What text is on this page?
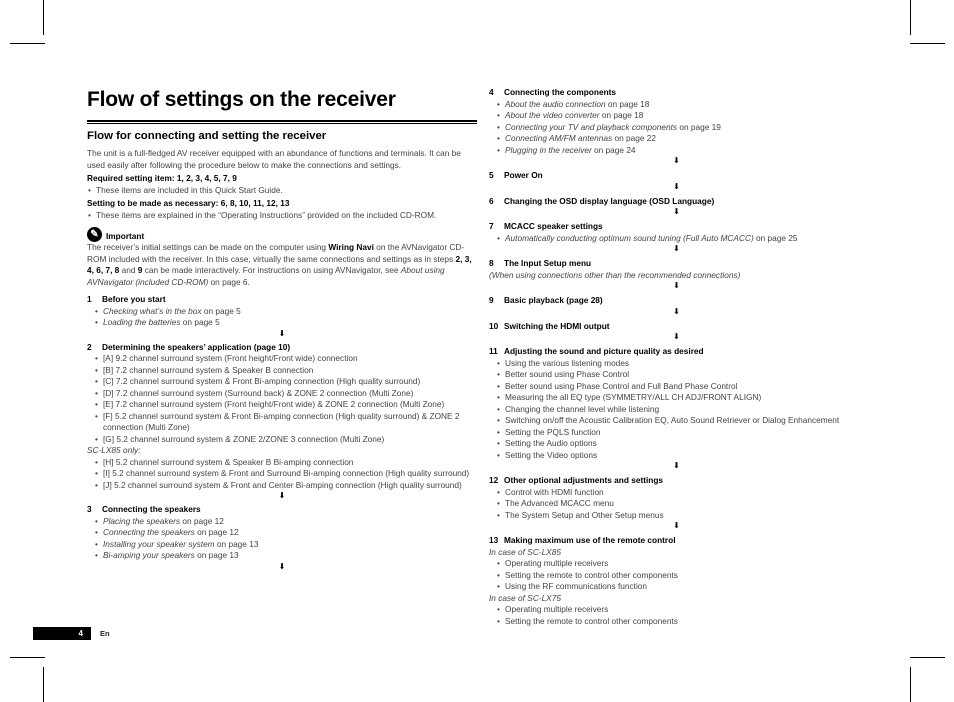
Flow of settings on the receiver
Flow for connecting and setting the receiver

The unit is a full-fledged AV receiver equipped with an abundance of functions and terminals. It can be used easily after following the procedure below to make the connections and settings.

Required setting item: 1, 2, 3, 4, 5, 7, 9

• These items are included in this Quick Start Guide.

Setting to be made as necessary: 6, 8, 10, 11, 12, 13

• These items are explained in the “Operating Instructions” provided on the included CD-ROM.
✎ Important

The receiver’s initial settings can be made on the computer using Wiring Navi on the AVNavigator CD-ROM included with the receiver. In this case, virtually the same connections and settings as in steps 2, 3, 4, 6, 7, 8 and 9 can be made interactively. For instructions on using AVNavigator, see About using AVNavigator (included CD-ROM) on page 6.

1 Before you start
• Checking what’s in the box on page 5
• Loading the batteries on page 5
⬇
2 Determining the speakers’ application (page 10)
• [A] 9.2 channel surround system (Front height/Front wide) connection
• [B] 7.2 channel surround system & Speaker B connection
• [C] 7.2 channel surround system & Front Bi-amping connection (High quality surround)
• [D] 7.2 channel surround system (Surround back) & ZONE 2 connection (Multi Zone)
• [E] 7.2 channel surround system (Front height/Front wide) & ZONE 2 connection (Multi Zone)
• [F] 5.2 channel surround system & Front Bi-amping connection (High quality surround) & ZONE 2 connection (Multi Zone)
• [G] 5.2 channel surround system & ZONE 2/ZONE 3 connection (Multi Zone)

SC-LX85 only:

• [H] 5.2 channel surround system & Speaker B Bi-amping connection
• [I] 5.2 channel surround system & Front and Surround Bi-amping connection (High quality surround)
• [J] 5.2 channel surround system & Front and Center Bi-amping connection (High quality surround)
⬇
3 Connecting the speakers
• Placing the speakers on page 12
• Connecting the speakers on page 12
• Installing your speaker system on page 13
• Bi-amping your speakers on page 13
⬇
4 Connecting the components
• About the audio connection on page 18
• About the video converter on page 18
• Connecting your TV and playback components on page 19
• Connecting AM/FM antennas on page 22
• Plugging in the receiver on page 24
⬇
5 Power On
⬇
6 Changing the OSD display language (OSD Language)
⬇
7 MCACC speaker settings
• Automatically conducting optimum sound tuning (Full Auto MCACC) on page 25
⬇
8 The Input Setup menu

(When using connections other than the recommended connections)

⬇
9 Basic playback (page 28)
⬇
10 Switching the HDMI output
⬇
11 Adjusting the sound and picture quality as desired
• Using the various listening modes
• Better sound using Phase Control
• Better sound using Phase Control and Full Band Phase Control
• Measuring the all EQ type (SYMMETRY/ALL CH ADJ/FRONT ALIGN)
• Changing the channel level while listening
• Switching on/off the Acoustic Calibration EQ, Auto Sound Retriever or Dialog Enhancement
• Setting the PQLS function
• Setting the Audio options
• Setting the Video options
⬇
12 Other optional adjustments and settings
• Control with HDMI function
• The Advanced MCACC menu
• The System Setup and Other Setup menus
⬇
13 Making maximum use of the remote control

In case of SC-LX85

• Operating multiple receivers
• Setting the remote to control other components
• Using the RF communications function

In case of SC-LX75

• Operating multiple receivers
• Setting the remote to control other components
4	En
